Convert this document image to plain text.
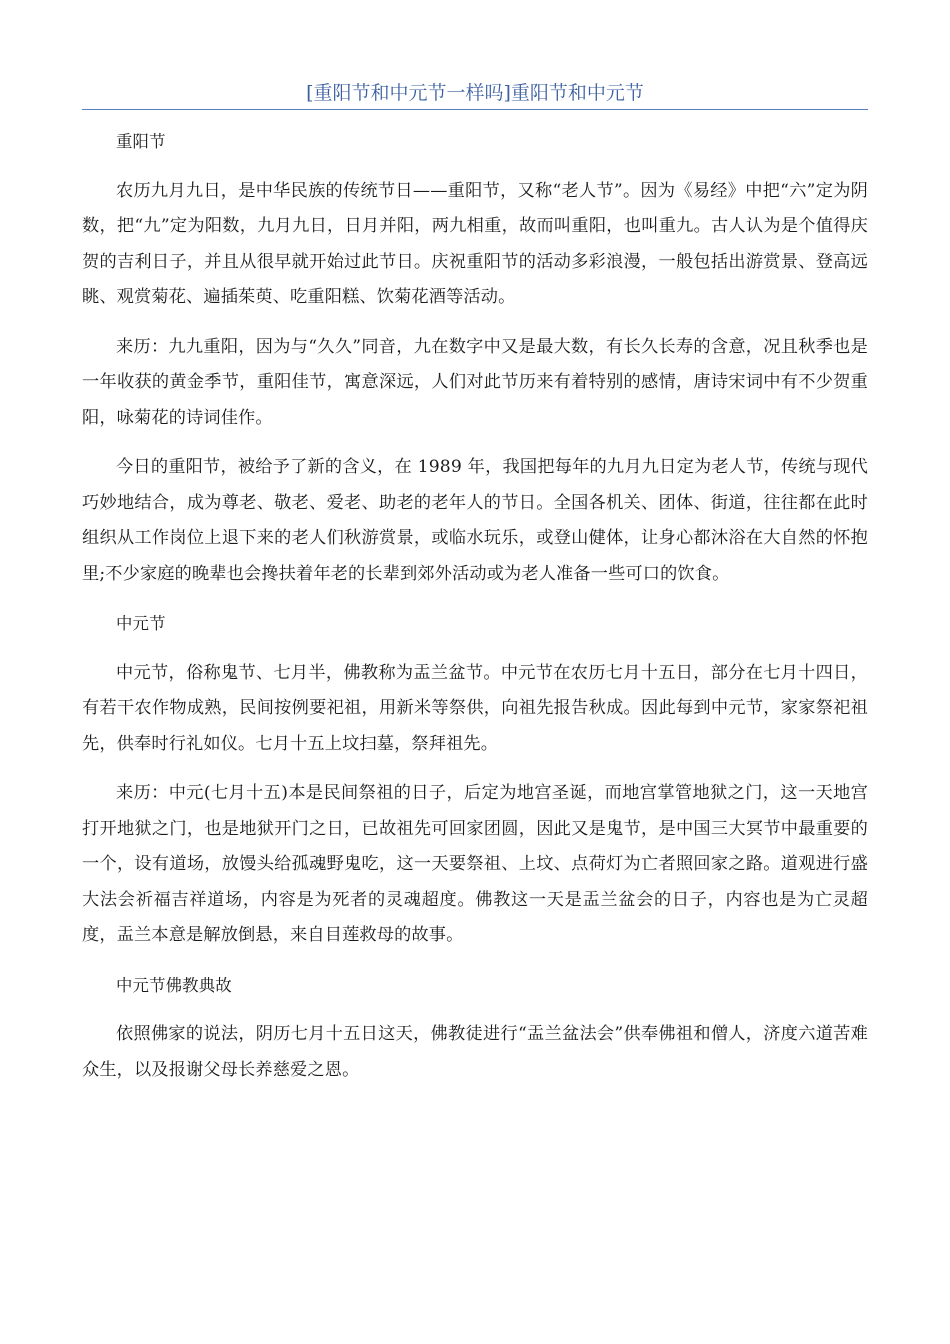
[重阳节和中元节一样吗]重阳节和中元节

重阳节

农历九月九日，是中华民族的传统节日——重阳节，又称“老人节”。因为《易经》中把“六”定为阴数，把“九”定为阳数，九月九日，日月并阳，两九相重，故而叫重阳，也叫重九。古人认为是个值得庆贺的吉利日子，并且从很早就开始过此节日。庆祝重阳节的活动多彩浪漫，一般包括出游赏景、登高远眺、观赏菊花、遍插茱萸、吃重阳糕、饮菊花酒等活动。

来历：九九重阳，因为与“久久”同音，九在数字中又是最大数，有长久长寿的含意，况且秋季也是一年收获的黄金季节，重阳佳节，寓意深远，人们对此节历来有着特别的感情，唐诗宋词中有不少贺重阳，咏菊花的诗词佳作。

今日的重阳节，被给予了新的含义，在 1989 年，我国把每年的九月九日定为老人节，传统与现代巧妙地结合，成为尊老、敬老、爱老、助老的老年人的节日。全国各机关、团体、街道，往往都在此时组织从工作岗位上退下来的老人们秋游赏景，或临水玩乐，或登山健体，让身心都沐浴在大自然的怀抱里;不少家庭的晚辈也会搀扶着年老的长辈到郊外活动或为老人准备一些可口的饮食。

中元节

中元节，俗称鬼节、七月半，佛教称为盂兰盆节。中元节在农历七月十五日，部分在七月十四日，有若干农作物成熟，民间按例要祀祖，用新米等祭供，向祖先报告秋成。因此每到中元节，家家祭祀祖先，供奉时行礼如仪。七月十五上坟扫墓，祭拜祖先。

来历：中元(七月十五)本是民间祭祖的日子，后定为地宫圣诞，而地宫掌管地狱之门，这一天地宫打开地狱之门，也是地狱开门之日，已故祖先可回家团圆，因此又是鬼节，是中国三大冥节中最重要的一个，设有道场，放馒头给孤魂野鬼吃，这一天要祭祖、上坟、点荷灯为亡者照回家之路。道观进行盛大法会祈福吉祥道场，内容是为死者的灵魂超度。佛教这一天是盂兰盆会的日子，内容也是为亡灵超度，盂兰本意是解放倒悬，来自目莲救母的故事。

中元节佛教典故

依照佛家的说法，阴历七月十五日这天，佛教徒进行“盂兰盆法会”供奉佛祖和僧人，济度六道苦难众生，以及报谢父母长养慈爱之恩。
